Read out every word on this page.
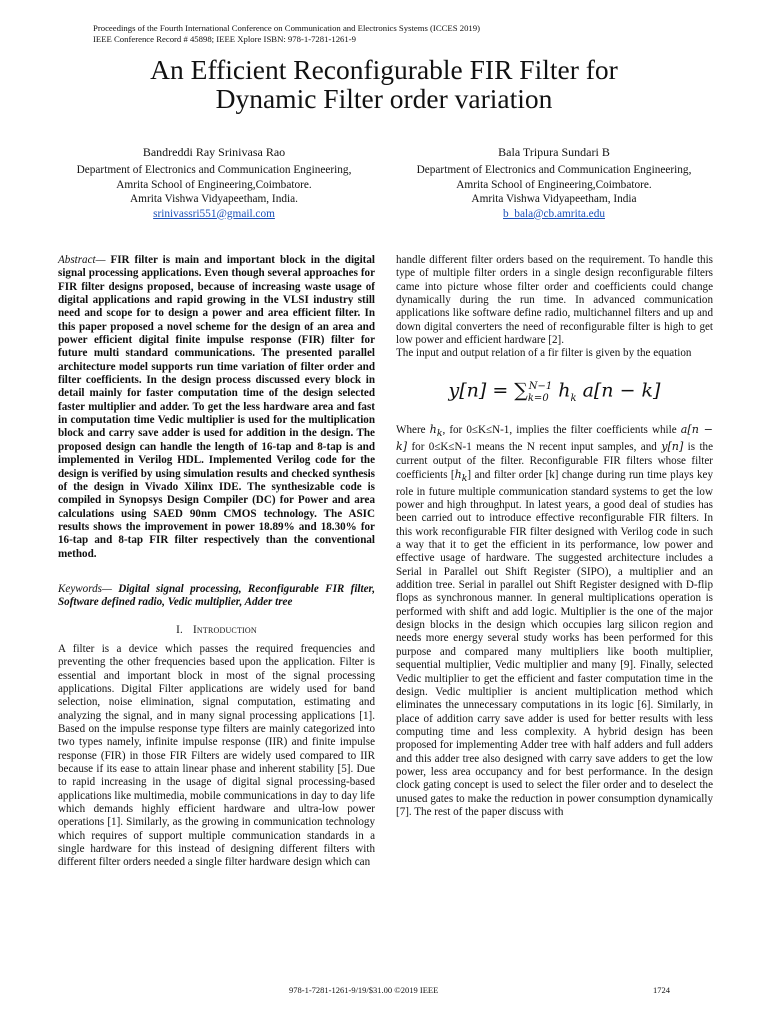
Proceedings of the Fourth International Conference on Communication and Electronics Systems (ICCES 2019)
IEEE Conference Record # 45898; IEEE Xplore ISBN: 978-1-7281-1261-9
An Efficient Reconfigurable FIR Filter for
Dynamic Filter order variation
Bandreddi Ray Srinivasa Rao
Department of Electronics and Communication Engineering,
Amrita School of Engineering,Coimbatore.
Amrita Vishwa Vidyapeetham, India.
srinivassri551@gmail.com
Bala Tripura Sundari B
Department of Electronics and Communication Engineering,
Amrita School of Engineering,Coimbatore.
Amrita Vishwa Vidyapeetham, India
b_bala@cb.amrita.edu

Abstract— FIR filter is main and important block in the digital signal processing applications. Even though several approaches for FIR filter designs proposed, because of increasing waste usage of digital applications and rapid growing in the VLSI industry still need and scope for to design a power and area efficient filter. In this paper proposed a novel scheme for the design of an area and power efficient digital finite impulse response (FIR) filter for future multi standard communications. The presented parallel architecture model supports run time variation of filter order and filter coefficients. In the design process discussed every block in detail mainly for faster computation time of the design selected faster multiplier and adder. To get the less hardware area and fast in computation time Vedic multiplier is used for the multiplication block and carry save adder is used for addition in the design. The proposed design can handle the length of 16-tap and 8-tap is and implemented in Verilog HDL. Implemented Verilog code for the design is verified by using simulation results and checked synthesis of the design in Vivado Xilinx IDE. The synthesizable code is compiled in Synopsys Design Compiler (DC) for Power and area calculations using SAED 90nm CMOS technology. The ASIC results shows the improvement in power 18.89% and 18.30% for 16-tap and 8-tap FIR filter respectively than the conventional method.

Keywords— Digital signal processing, Reconfigurable FIR filter, Software defined radio, Vedic multiplier, Adder tree

I. Introduction

A filter is a device which passes the required frequencies and preventing the other frequencies based upon the application. Filter is essential and important block in most of the signal processing applications. Digital Filter applications are widely used for band selection, noise elimination, signal computation, estimating and analyzing the signal, and in many signal processing applications [1]. Based on the impulse response type filters are mainly categorized into two types namely, infinite impulse response (IIR) and finite impulse response (FIR) in those FIR Filters are widely used compared to IIR because if its ease to attain linear phase and inherent stability [5]. Due to rapid increasing in the usage of digital signal processing-based applications like multimedia, mobile communications in day to day life which demands highly efficient hardware and ultra-low power operations [1]. Similarly, as the growing in communication technology which requires of support multiple communication standards in a single hardware for this instead of designing different filters with different filter orders needed a single filter hardware design which can

handle different filter orders based on the requirement. To handle this type of multiple filter orders in a single design reconfigurable filters came into picture whose filter order and coefficients could change dynamically during the run time. In advanced communication applications like software define radio, multichannel filters and up and down digital converters the need of reconfigurable filter is high to get low power and efficient hardware [2].

The input and output relation of a fir filter is given by the equation

$y[n] = \sum_{k=0}^{N-1}$ $h_k$ a[n − k]

Where $h_k$, for 0≤K≤N-1, implies the filter coefficients while a[n − k] for 0≤K≤N-1 means the N recent input samples, and y[n] is the current output of the filter. Reconfigurable FIR filters whose filter coefficients $[h_k]$ and filter order [k] change during run time plays key role in future multiple communication standard systems to get the low power and high throughput. In latest years, a good deal of studies has been carried out to introduce effective reconfigurable FIR filters. In this work reconfigurable FIR filter designed with Verilog code in such a way that it to get the efficient in its performance, low power and effective usage of hardware. The suggested architecture includes a Serial in Parallel out Shift Register (SIPO), a multiplier and an addition tree. Serial in parallel out Shift Register designed with D-flip flops as synchronous manner. In general multiplications operation is performed with shift and add logic. Multiplier is the one of the major design blocks in the design which occupies larg silicon region and needs more energy several study works has been performed for this purpose and compared many multipliers like booth multiplier, sequential multiplier, Vedic multiplier and many [9]. Finally, selected Vedic multiplier to get the efficient and faster computation time in the design. Vedic multiplier is ancient multiplication method which eliminates the unnecessary computations in its logic [6]. Similarly, in place of addition carry save adder is used for better results with less computing time and less complexity. A hybrid design has been proposed for implementing Adder tree with half adders and full adders and this adder tree also designed with carry save adders to get the low power, less area occupancy and for best performance. In the design clock gating concept is used to select the filer order and to deselect the unused gates to make the reduction in power consumption dynamically [7]. The rest of the paper discuss with

978-1-7281-1261-9/19/$31.00 ©2019 IEEE	1724
